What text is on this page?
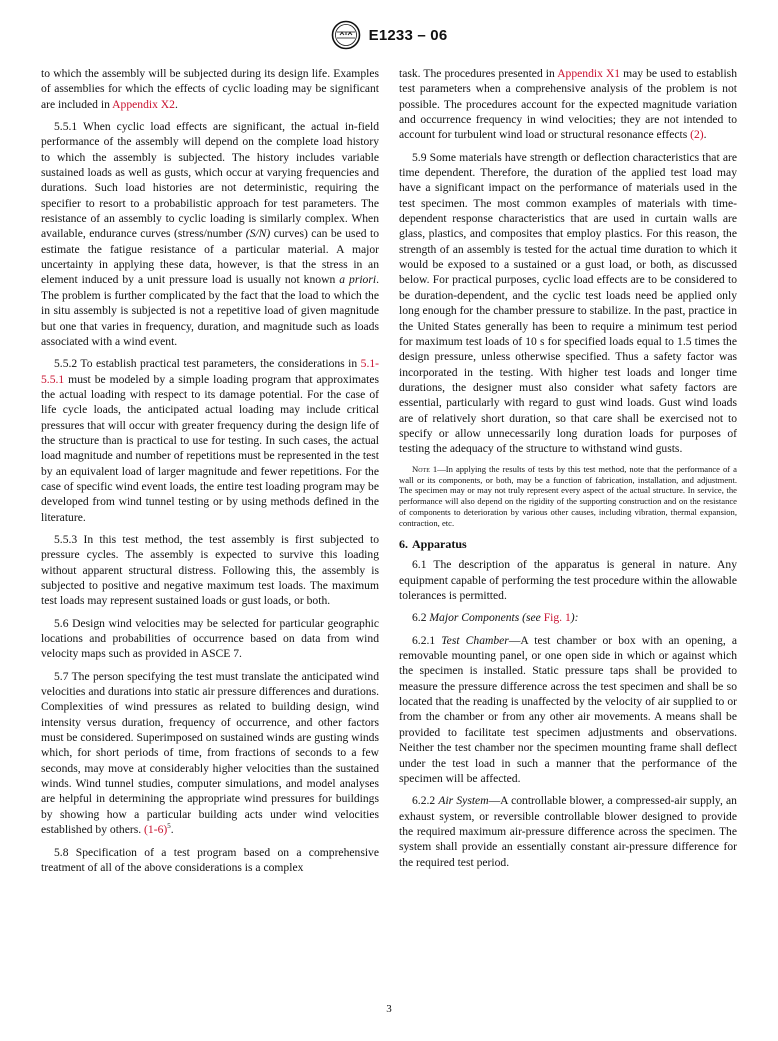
E1233 – 06

to which the assembly will be subjected during its design life. Examples of assemblies for which the effects of cyclic loading may be significant are included in Appendix X2.

5.5.1 When cyclic load effects are significant, the actual in-field performance of the assembly will depend on the complete load history to which the assembly is subjected. The history includes variable sustained loads as well as gusts, which occur at varying frequencies and durations. Such load histories are not deterministic, requiring the specifier to resort to a probabilistic approach for test parameters. The resistance of an assembly to cyclic loading is similarly complex. When available, endurance curves (stress/number (S/N) curves) can be used to estimate the fatigue resistance of a particular material. A major uncertainty in applying these data, however, is that the stress in an element induced by a unit pressure load is usually not known a priori. The problem is further complicated by the fact that the load to which the in situ assembly is subjected is not a repetitive load of given magnitude but one that varies in frequency, duration, and magnitude such as loads associated with a wind event.

5.5.2 To establish practical test parameters, the considerations in 5.1-5.5.1 must be modeled by a simple loading program that approximates the actual loading with respect to its damage potential. For the case of life cycle loads, the anticipated actual loading may include critical pressures that will occur with greater frequency during the design life of the structure than is practical to use for testing. In such cases, the actual load magnitude and number of repetitions must be represented in the test by an equivalent load of larger magnitude and fewer repetitions. For the case of specific wind event loads, the entire test loading program may be developed from wind tunnel testing or by using methods defined in the literature.

5.5.3 In this test method, the test assembly is first subjected to pressure cycles. The assembly is expected to survive this loading without apparent structural distress. Following this, the assembly is subjected to positive and negative maximum test loads. The maximum test loads may represent sustained loads or gust loads, or both.

5.6 Design wind velocities may be selected for particular geographic locations and probabilities of occurrence based on data from wind velocity maps such as provided in ASCE 7.

5.7 The person specifying the test must translate the anticipated wind velocities and durations into static air pressure differences and durations. Complexities of wind pressures as related to building design, wind intensity versus duration, frequency of occurrence, and other factors must be considered. Superimposed on sustained winds are gusting winds which, for short periods of time, from fractions of seconds to a few seconds, may move at considerably higher velocities than the sustained winds. Wind tunnel studies, computer simulations, and model analyses are helpful in determining the appropriate wind pressures for buildings by showing how a particular building acts under wind velocities established by others. $(1-6)^5$.

5.8 Specification of a test program based on a comprehensive treatment of all of the above considerations is a complex

task. The procedures presented in Appendix X1 may be used to establish test parameters when a comprehensive analysis of the problem is not possible. The procedures account for the expected magnitude variation and occurrence frequency in wind velocities; they are not intended to account for turbulent wind load or structural resonance effects (2).

5.9 Some materials have strength or deflection characteristics that are time dependent. Therefore, the duration of the applied test load may have a significant impact on the performance of materials used in the test specimen. The most common examples of materials with time-dependent response characteristics that are used in curtain walls are glass, plastics, and composites that employ plastics. For this reason, the strength of an assembly is tested for the actual time duration to which it would be exposed to a sustained or a gust load, or both, as discussed below. For practical purposes, cyclic load effects are to be considered to be duration-dependent, and the cyclic test loads need be applied only long enough for the chamber pressure to stabilize. In the past, practice in the United States generally has been to require a minimum test period for maximum test loads of 10 s for specified loads equal to 1.5 times the design pressure, unless otherwise specified. Thus a safety factor was incorporated in the testing. With higher test loads and longer time durations, the designer must also consider what safety factors are essential, particularly with regard to gust wind loads. Gust wind loads are of relatively short duration, so that care shall be exercised not to specify or allow unnecessarily long duration loads for purposes of testing the adequacy of the structure to withstand wind gusts.

Note 1—In applying the results of tests by this test method, note that the performance of a wall or its components, or both, may be a function of fabrication, installation, and adjustment. The specimen may or may not truly represent every aspect of the actual structure. In service, the performance will also depend on the rigidity of the supporting construction and on the resistance of components to deterioration by various other causes, including vibration, thermal expansion, contraction, etc.

6. Apparatus

6.1 The description of the apparatus is general in nature. Any equipment capable of performing the test procedure within the allowable tolerances is permitted.

6.2 Major Components (see Fig. 1):

6.2.1 Test Chamber—A test chamber or box with an opening, a removable mounting panel, or one open side in which or against which the specimen is installed. Static pressure taps shall be provided to measure the pressure difference across the test specimen and shall be so located that the reading is unaffected by the velocity of air supplied to or from the chamber or from any other air movements. A means shall be provided to facilitate test specimen adjustments and observations. Neither the test chamber nor the specimen mounting frame shall deflect under the test load in such a manner that the performance of the specimen will be affected.

6.2.2 Air System—A controllable blower, a compressed-air supply, an exhaust system, or reversible controllable blower designed to provide the required maximum air-pressure difference across the specimen. The system shall provide an essentially constant air-pressure difference for the required test period.

3
